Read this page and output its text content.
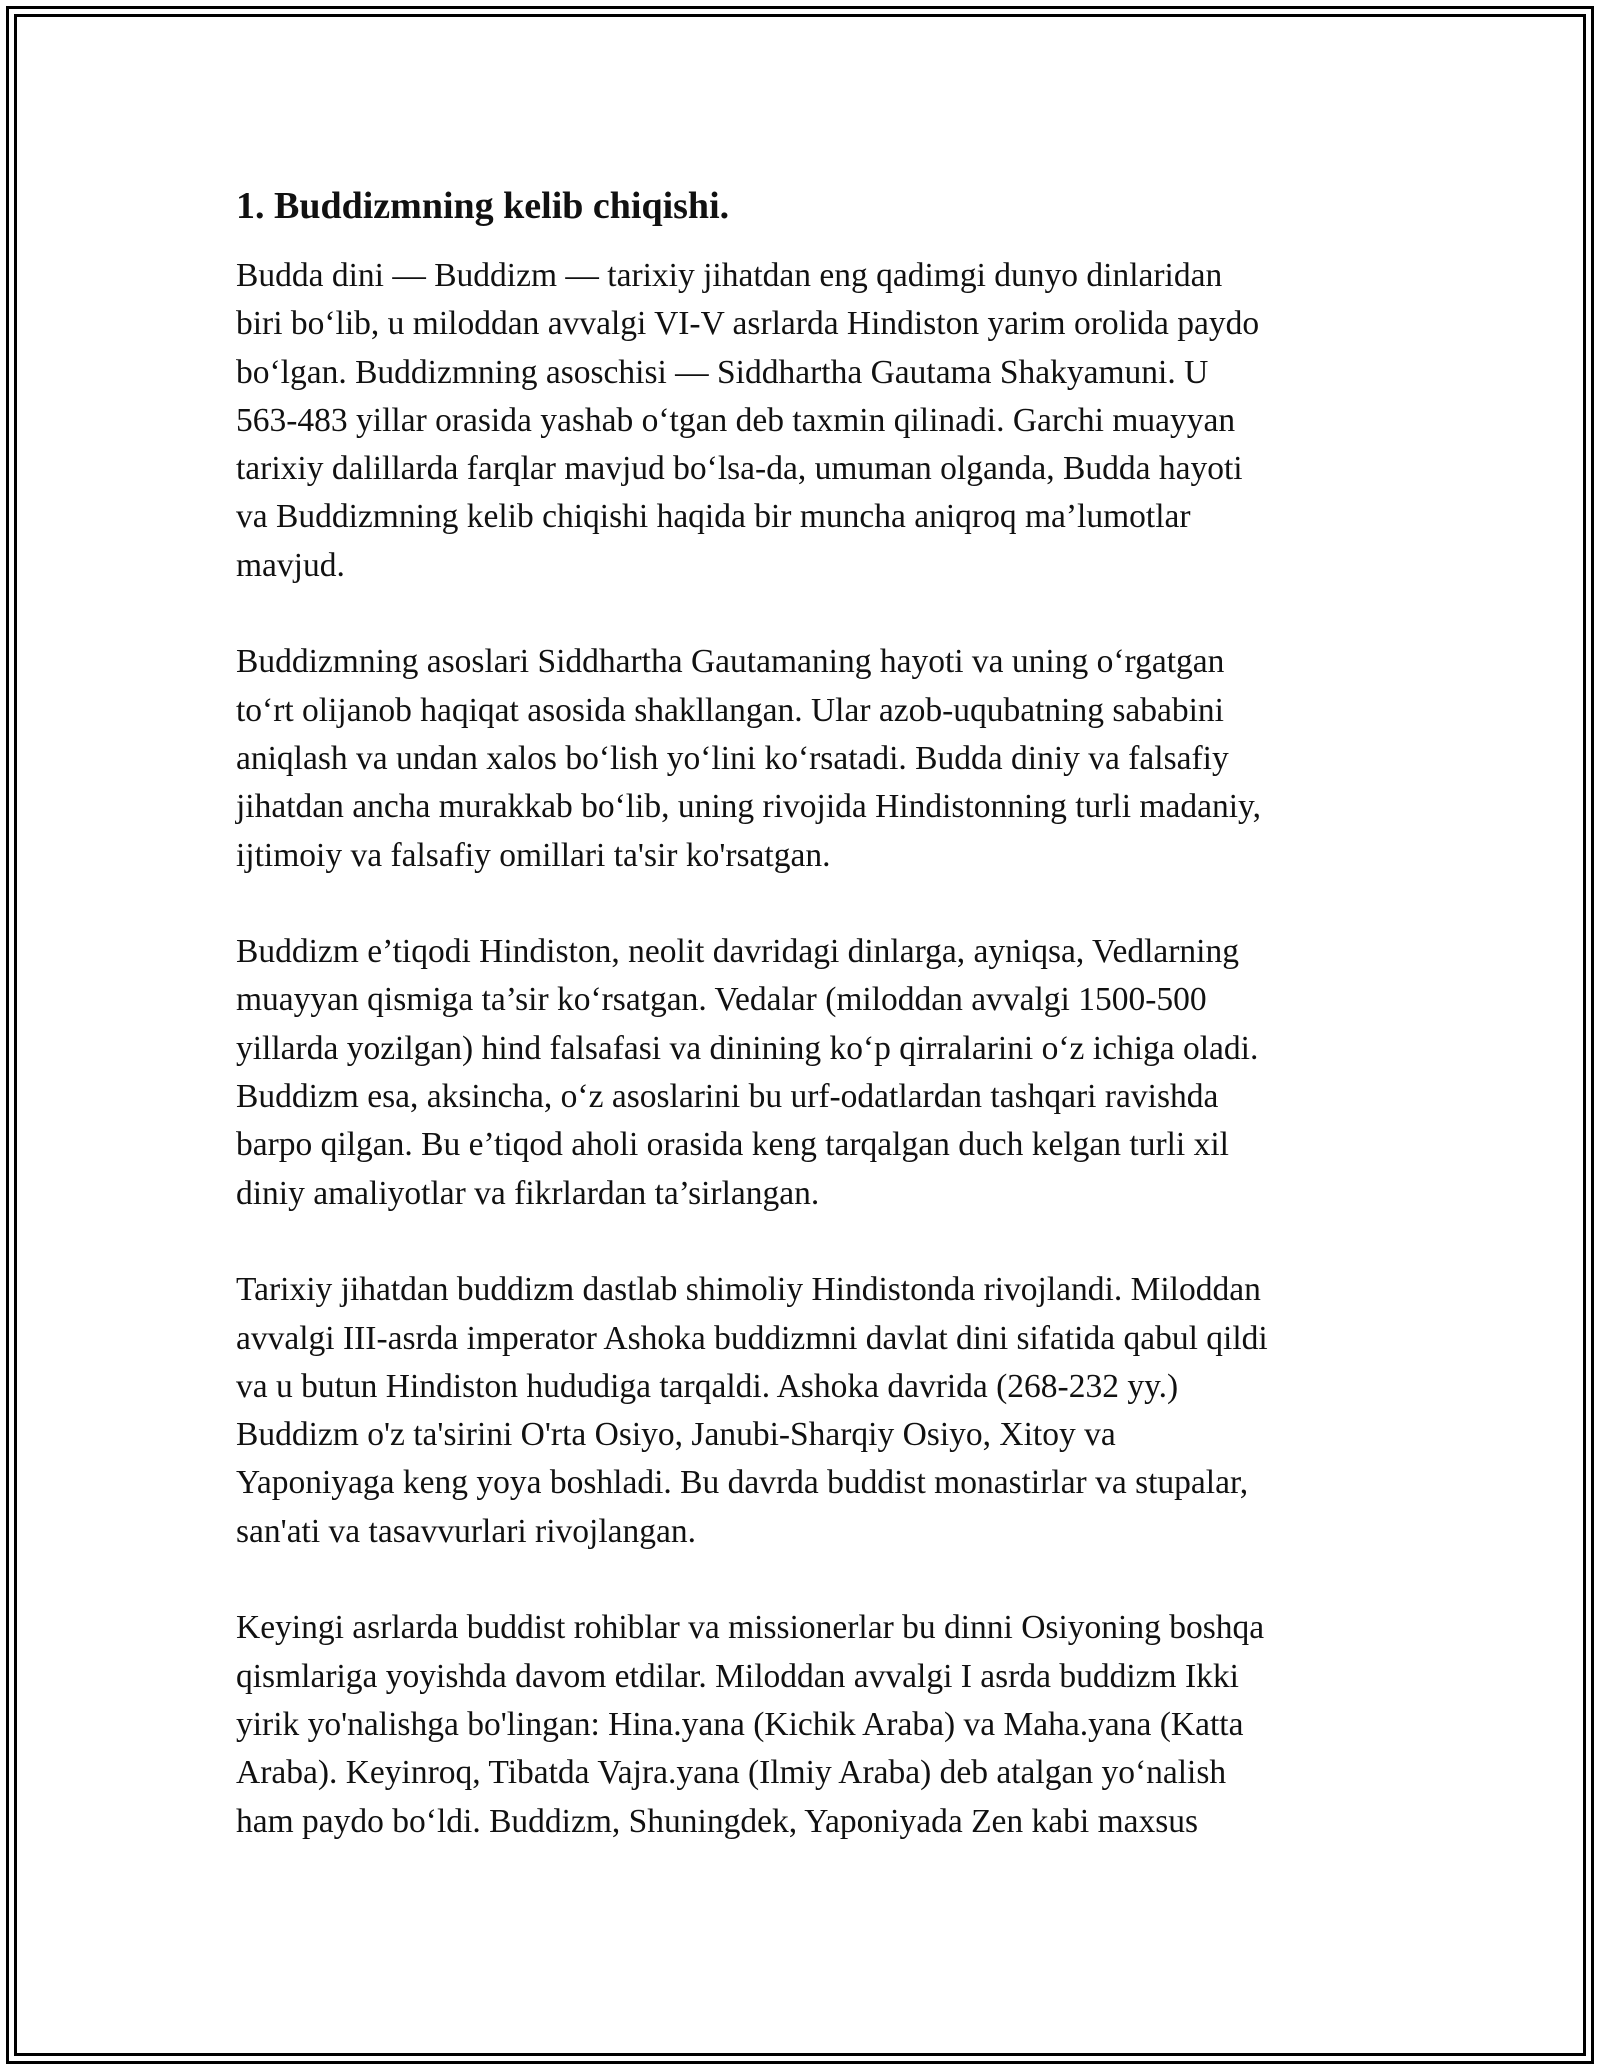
1. Buddizmning kelib chiqishi.

Budda dini — Buddizm — tarixiy jihatdan eng qadimgi dunyo dinlaridan
biri bo‘lib, u miloddan avvalgi VI-V asrlarda Hindiston yarim orolida paydo
bo‘lgan. Buddizmning asoschisi — Siddhartha Gautama Shakyamuni. U
563-483 yillar orasida yashab o‘tgan deb taxmin qilinadi. Garchi muayyan
tarixiy dalillarda farqlar mavjud bo‘lsa-da, umuman olganda, Budda hayoti
va Buddizmning kelib chiqishi haqida bir muncha aniqroq ma’lumotlar
mavjud.

Buddizmning asoslari Siddhartha Gautamaning hayoti va uning o‘rgatgan
to‘rt olijanob haqiqat asosida shakllangan. Ular azob-uqubatning sababini
aniqlash va undan xalos bo‘lish yo‘lini ko‘rsatadi. Budda diniy va falsafiy
jihatdan ancha murakkab bo‘lib, uning rivojida Hindistonning turli madaniy,
ijtimoiy va falsafiy omillari ta'sir ko'rsatgan.

Buddizm e’tiqodi Hindiston, neolit davridagi dinlarga, ayniqsa, Vedlarning
muayyan qismiga ta’sir ko‘rsatgan. Vedalar (miloddan avvalgi 1500-500
yillarda yozilgan) hind falsafasi va dinining ko‘p qirralarini o‘z ichiga oladi.
Buddizm esa, aksincha, o‘z asoslarini bu urf-odatlardan tashqari ravishda
barpo qilgan. Bu e’tiqod aholi orasida keng tarqalgan duch kelgan turli xil
diniy amaliyotlar va fikrlardan ta’sirlangan.

Tarixiy jihatdan buddizm dastlab shimoliy Hindistonda rivojlandi. Miloddan
avvalgi III-asrda imperator Ashoka buddizmni davlat dini sifatida qabul qildi
va u butun Hindiston hududiga tarqaldi. Ashoka davrida (268-232 yy.)
Buddizm o'z ta'sirini O'rta Osiyo, Janubi-Sharqiy Osiyo, Xitoy va
Yaponiyaga keng yoya boshladi. Bu davrda buddist monastirlar va stupalar,
san'ati va tasavvurlari rivojlangan.

Keyingi asrlarda buddist rohiblar va missionerlar bu dinni Osiyoning boshqa
qismlariga yoyishda davom etdilar. Miloddan avvalgi I asrda buddizm Ikki
yirik yo'nalishga bo'lingan: Hina.yana (Kichik Araba) va Maha.yana (Katta
Araba). Keyinroq, Tibatda Vajra.yana (Ilmiy Araba) deb atalgan yo‘nalish
ham paydo bo‘ldi. Buddizm, Shuningdek, Yaponiyada Zen kabi maxsus
